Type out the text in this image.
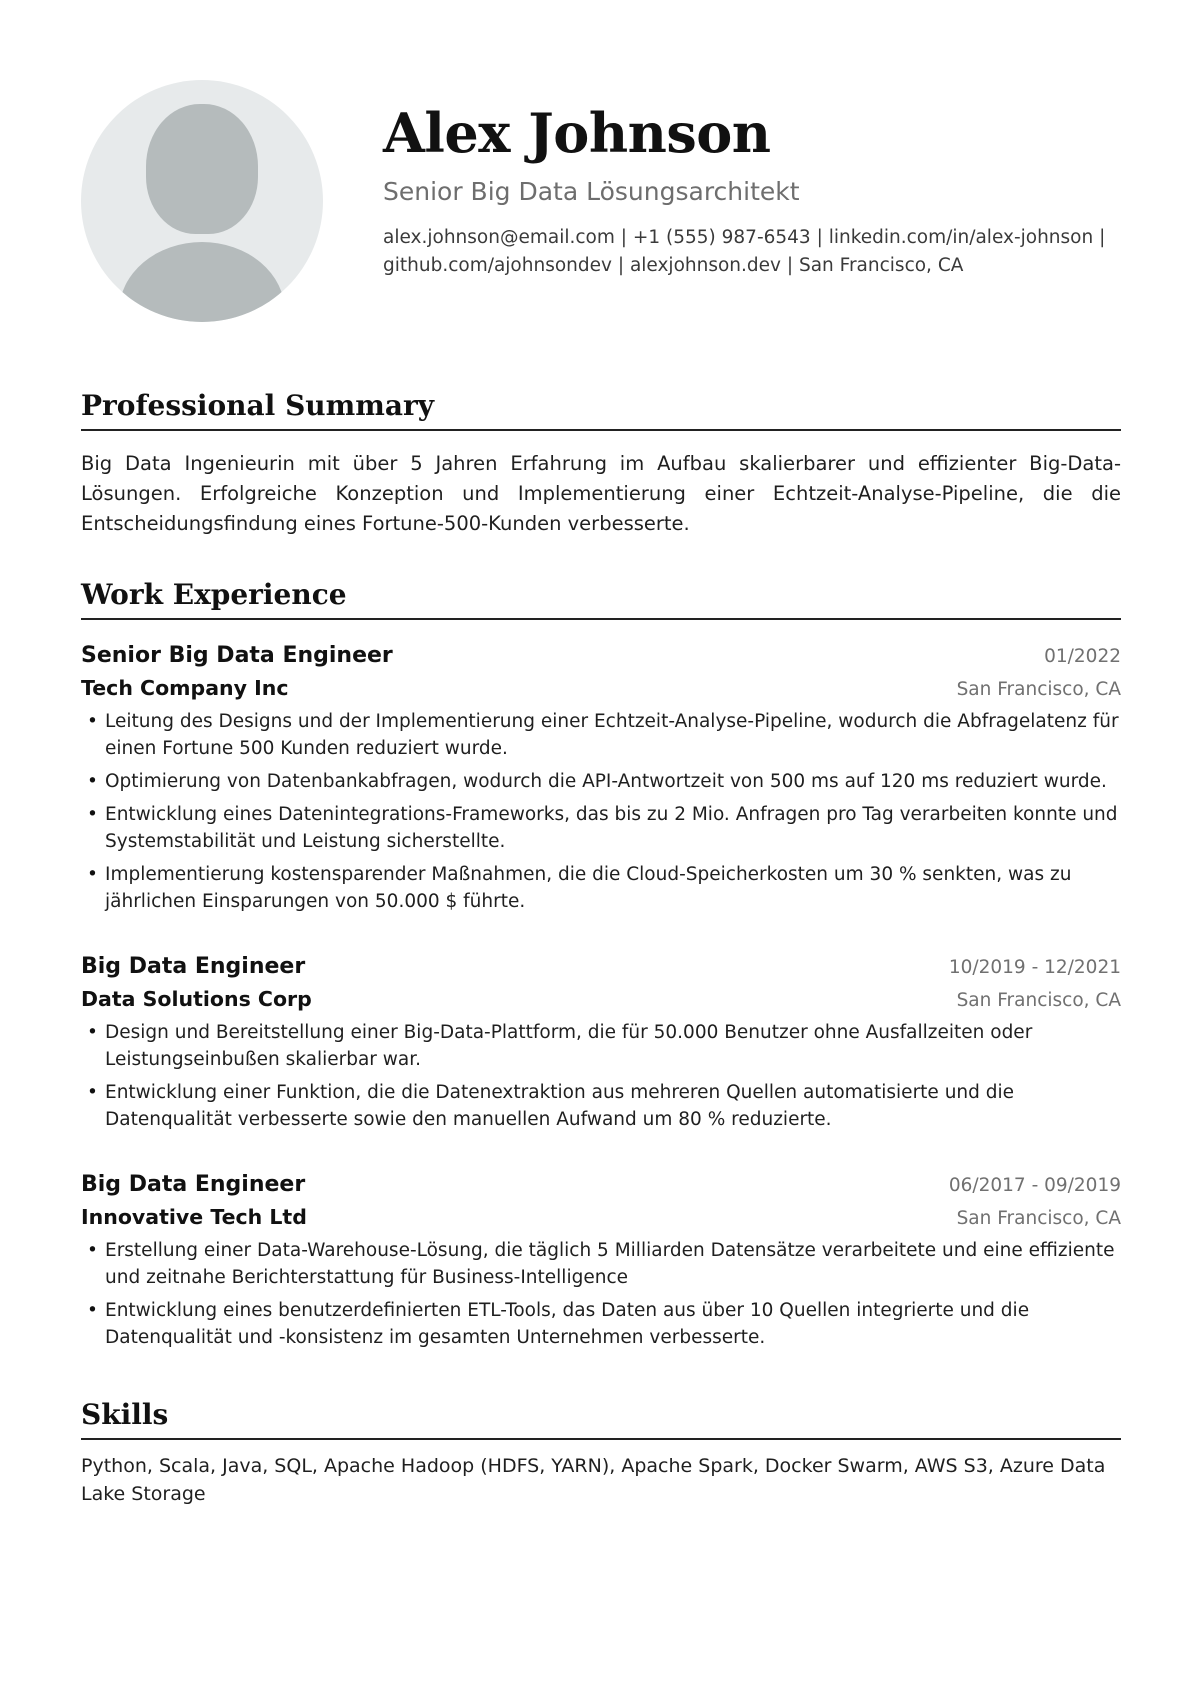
Alex Johnson
Senior Big Data Lösungsarchitekt
alex.johnson@email.com | +1 (555) 987-6543 | linkedin.com/in/alex-johnson |
github.com/ajohnsondev | alexjohnson.dev | San Francisco, CA
Professional Summary
Big Data Ingenieurin mit über 5 Jahren Erfahrung im Aufbau skalierbarer und effizienter Big-Data-Lösungen. Erfolgreiche Konzeption und Implementierung einer Echtzeit-Analyse-Pipeline, die die Entscheidungsfindung eines Fortune-500-Kunden verbesserte.
Work Experience
Senior Big Data Engineer	01/2022
Tech Company Inc	San Francisco, CA
• Leitung des Designs und der Implementierung einer Echtzeit-Analyse-Pipeline, wodurch die Abfragelatenz für einen Fortune 500 Kunden reduziert wurde.
• Optimierung von Datenbankabfragen, wodurch die API-Antwortzeit von 500 ms auf 120 ms reduziert wurde.
• Entwicklung eines Datenintegrations-Frameworks, das bis zu 2 Mio. Anfragen pro Tag verarbeiten konnte und Systemstabilität und Leistung sicherstellte.
• Implementierung kostensparender Maßnahmen, die die Cloud-Speicherkosten um 30 % senkten, was zu jährlichen Einsparungen von 50.000 $ führte.
Big Data Engineer	10/2019 - 12/2021
Data Solutions Corp	San Francisco, CA
• Design und Bereitstellung einer Big-Data-Plattform, die für 50.000 Benutzer ohne Ausfallzeiten oder Leistungseinbußen skalierbar war.
• Entwicklung einer Funktion, die die Datenextraktion aus mehreren Quellen automatisierte und die Datenqualität verbesserte sowie den manuellen Aufwand um 80 % reduzierte.
Big Data Engineer	06/2017 - 09/2019
Innovative Tech Ltd	San Francisco, CA
• Erstellung einer Data-Warehouse-Lösung, die täglich 5 Milliarden Datensätze verarbeitete und eine effiziente und zeitnahe Berichterstattung für Business-Intelligence
• Entwicklung eines benutzerdefinierten ETL-Tools, das Daten aus über 10 Quellen integrierte und die Datenqualität und -konsistenz im gesamten Unternehmen verbesserte.
Skills
Python, Scala, Java, SQL, Apache Hadoop (HDFS, YARN), Apache Spark, Docker Swarm, AWS S3, Azure Data Lake Storage
